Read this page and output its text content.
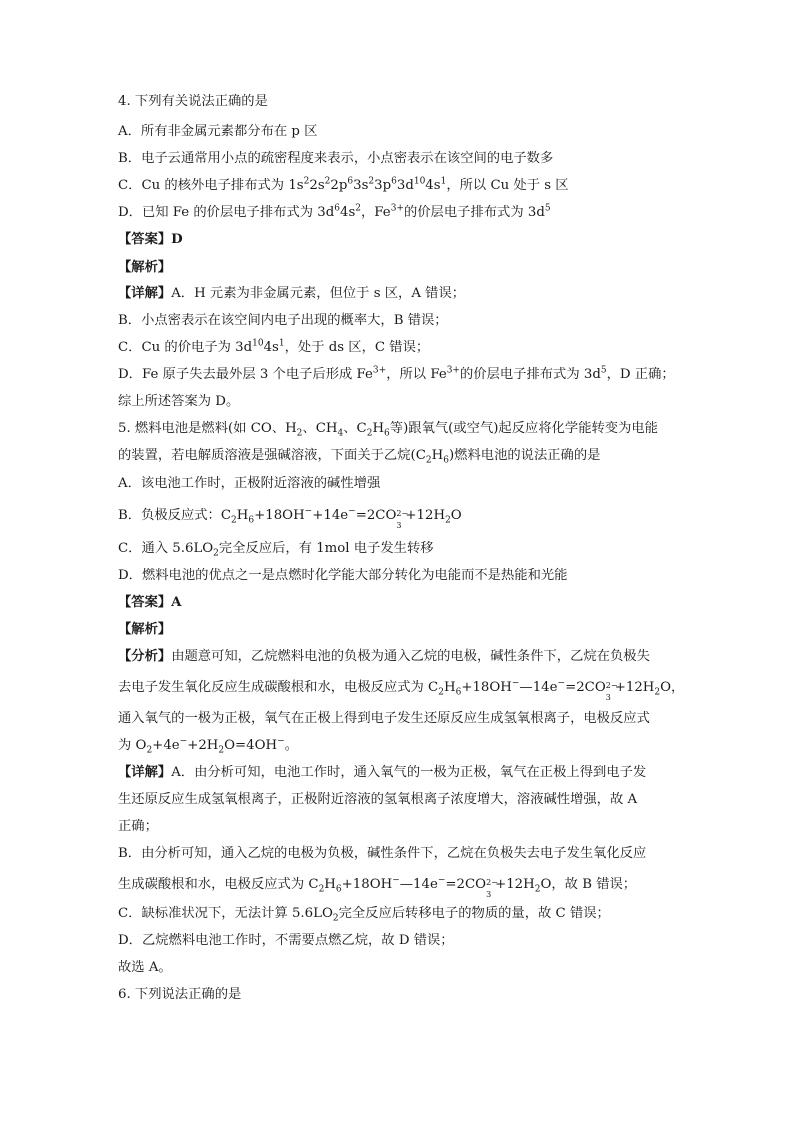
4. 下列有关说法正确的是
A．所有非金属元素都分布在 p 区
B．电子云通常用小点的疏密程度来表示，小点密表示在该空间的电子数多
C．Cu 的核外电子排布式为 $1s^22s^22p^63s^23p^63d^{10}4s^1$，所以 Cu 处于 s 区
D．已知 Fe 的价层电子排布式为 $3d^64s^2$，$Fe^{3+}$的价层电子排布式为 $3d^5$
【答案】D
【解析】
【详解】A．H 元素为非金属元素，但位于 s 区，A 错误；
B．小点密表示在该空间内电子出现的概率大，B 错误；
C．Cu 的价电子为 $3d^{10}4s^1$，处于 ds 区，C 错误；
D．Fe 原子失去最外层 3 个电子后形成 $Fe^{3+}$，所以 $Fe^{3+}$的价层电子排布式为 $3d^5$，D 正确；
综上所述答案为 D。
5. 燃料电池是燃料(如 CO、$H_2$、$CH_4$、$C_2H_6$等)跟氧气(或空气)起反应将化学能转变为电能
的装置，若电解质溶液是强碱溶液，下面关于乙烷$(C_2H_6)$燃料电池的说法正确的是
A．该电池工作时，正极附近溶液的碱性增强
B．负极反应式：$C_2H_6+18OH^-+14e^-=2CO$ 2−
3
$+12H_2O$
C．通入 $5.6LO_2$完全反应后，有 1mol 电子发生转移
D．燃料电池的优点之一是点燃时化学能大部分转化为电能而不是热能和光能
【答案】A
【解析】
【分析】由题意可知，乙烷燃料电池的负极为通入乙烷的电极，碱性条件下，乙烷在负极失
去电子发生氧化反应生成碳酸根和水，电极反应式为 $C_2H_6+18OH^-—14e^-=2CO$ 2−
3
$+12H_2O$，
通入氧气的一极为正极，氧气在正极上得到电子发生还原反应生成氢氧根离子，电极反应式
为 $O_2+4e^-+2H_2O=4OH^-$。
【详解】A．由分析可知，电池工作时，通入氧气的一极为正极，氧气在正极上得到电子发
生还原反应生成氢氧根离子，正极附近溶液的氢氧根离子浓度增大，溶液碱性增强，故 A
正确；
B．由分析可知，通入乙烷的电极为负极，碱性条件下，乙烷在负极失去电子发生氧化反应
生成碳酸根和水，电极反应式为 $C_2H_6+18OH^-—14e^-=2CO$ 2−
3
$+12H_2O$，故 B 错误；
C．缺标准状况下，无法计算 $5.6LO_2$完全反应后转移电子的物质的量，故 C 错误；
D．乙烷燃料电池工作时，不需要点燃乙烷，故 D 错误；
故选 A。
6. 下列说法正确的是
